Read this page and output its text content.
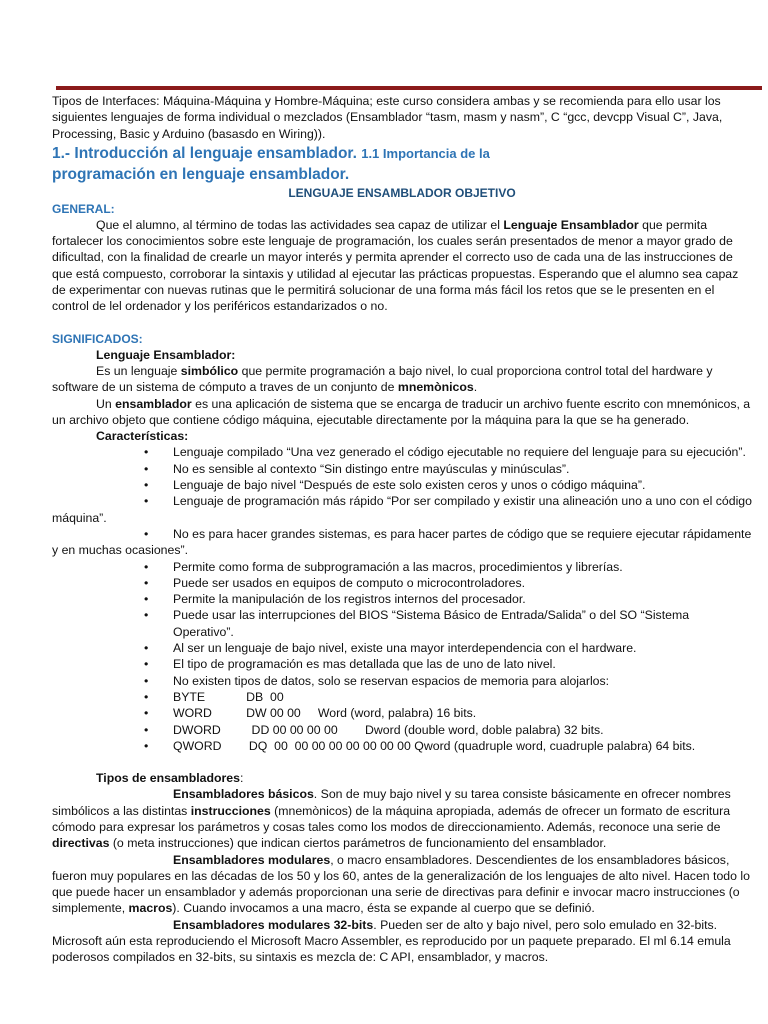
Tipos de Interfaces: Máquina-Máquina y Hombre-Máquina; este curso considera ambas y se recomienda para ello usar los siguientes lenguajes de forma individual o mezclados (Ensamblador “tasm, masm y nasm”, C “gcc, devcpp Visual C”, Java, Processing, Basic y Arduino (basasdo en Wiring)).

1.- Introducción al lenguaje ensamblador. 1.1 Importancia de la
programación en lenguaje ensamblador.
LENGUAJE ENSAMBLADOR OBJETIVO
GENERAL:

Que el alumno, al término de todas las actividades sea capaz de utilizar el Lenguaje Ensamblador que permita fortalecer los conocimientos sobre este lenguaje de programación, los cuales serán presentados de menor a mayor grado de dificultad, con la finalidad de crearle un mayor interés y permita aprender el correcto uso de cada una de las instrucciones de que está compuesto, corroborar la sintaxis y utilidad al ejecutar las prácticas propuestas. Esperando que el alumno sea capaz de experimentar con nuevas rutinas que le permitirá solucionar de una forma más fácil los retos que se le presenten en el control de lel ordenador y los periféricos estandarizados o no.

SIGNIFICADOS:
Lenguaje Ensamblador:

Es un lenguaje simbólico que permite programación a bajo nivel, lo cual proporciona control total del hardware y software de un sistema de cómputo a traves de un conjunto de mnemònicos.

Un ensamblador es una aplicación de sistema que se encarga de traducir un archivo fuente escrito con mnemónicos, a un archivo objeto que contiene código máquina, ejecutable directamente por la máquina para la que se ha generado.

Características:
• Lenguaje compilado “Una vez generado el código ejecutable no requiere del lenguaje para su ejecución”.
• No es sensible al contexto “Sin distingo entre mayúsculas y minúsculas”.
• Lenguaje de bajo nivel “Después de este solo existen ceros y unos o código máquina”.
• Lenguaje de programación más rápido “Por ser compilado y existir una alineación uno a uno con el código máquina”.
• No es para hacer grandes sistemas, es para hacer partes de código que se requiere ejecutar rápidamente y en muchas ocasiones”.
• Permite como forma de subprogramación a las macros, procedimientos y librerías.
• Puede ser usados en equipos de computo o microcontroladores.
• Permite la manipulación de los registros internos del procesador.
• Puede usar las interrupciones del BIOS “Sistema Básico de Entrada/Salida” o del SO “Sistema Operativo”.
• Al ser un lenguaje de bajo nivel, existe una mayor interdependencia con el hardware.
• El tipo de programación es mas detallada que las de uno de lato nivel.
• No existen tipos de datos, solo se reservan espacios de memoria para alojarlos:
• BYTE            DB  00
• WORD          DW 00 00     Word (word, palabra) 16 bits.
• DWORD         DD 00 00 00 00        Dword (double word, doble palabra) 32 bits.
• QWORD        DQ  00  00 00 00 00 00 00 00 Qword (quadruple word, cuadruple palabra) 64 bits.
Tipos de ensambladores:

Ensambladores básicos. Son de muy bajo nivel y su tarea consiste básicamente en ofrecer nombres simbólicos a las distintas instrucciones (mnemònicos) de la máquina apropiada, además de ofrecer un formato de escritura cómodo para expresar los parámetros y cosas tales como los modos de direccionamiento. Además, reconoce una serie de directivas (o meta instrucciones) que indican ciertos parámetros de funcionamiento del ensamblador.

Ensambladores modulares, o macro ensambladores. Descendientes de los ensambladores básicos, fueron muy populares en las décadas de los 50 y los 60, antes de la generalización de los lenguajes de alto nivel. Hacen todo lo que puede hacer un ensamblador y además proporcionan una serie de directivas para definir e invocar macro instrucciones (o simplemente, macros). Cuando invocamos a una macro, ésta se expande al cuerpo que se definió.

Ensambladores modulares 32-bits. Pueden ser de alto y bajo nivel, pero solo emulado en 32-bits. Microsoft aún esta reproduciendo el Microsoft Macro Assembler, es reproducido por un paquete preparado. El ml 6.14 emula poderosos compilados en 32-bits, su sintaxis es mezcla de: C API, ensamblador, y macros.
